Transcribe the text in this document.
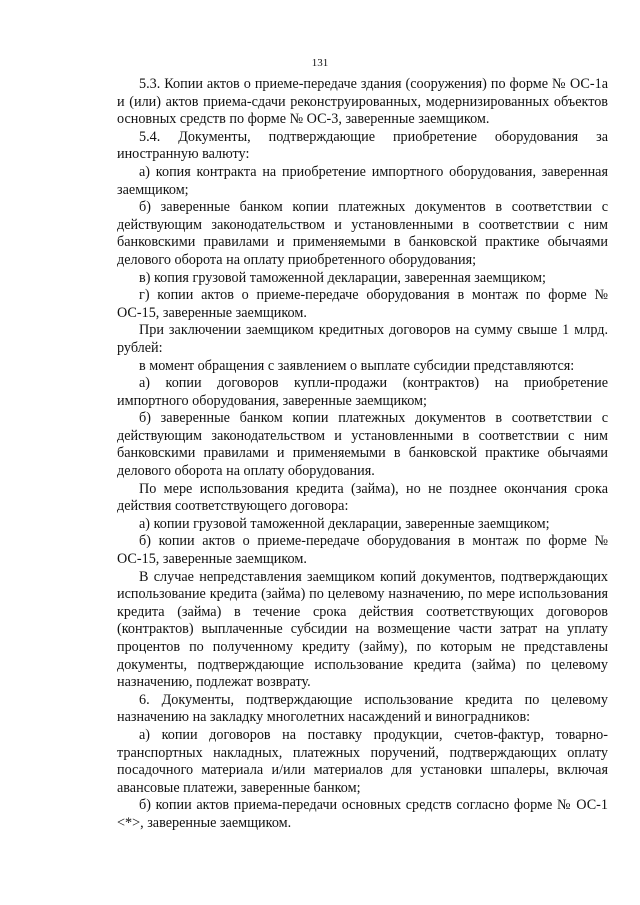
131

5.3. Копии актов о приеме-передаче здания (сооружения) по форме № ОС-1а и (или) актов приема-сдачи реконструированных, модернизированных объектов основных средств по форме № ОС-3, заверенные заемщиком.

5.4. Документы, подтверждающие приобретение оборудования за иностранную валюту:

а) копия контракта на приобретение импортного оборудования, заверенная заемщиком;

б) заверенные банком копии платежных документов в соответствии с действующим законодательством и установленными в соответствии с ним банковскими правилами и применяемыми в банковской практике обычаями делового оборота на оплату приобретенного оборудования;

в) копия грузовой таможенной декларации, заверенная заемщиком;

г) копии актов о приеме-передаче оборудования в монтаж по форме № ОС-15, заверенные заемщиком.

При заключении заемщиком кредитных договоров на сумму свыше 1 млрд. рублей:

в момент обращения с заявлением о выплате субсидии представляются:

а) копии договоров купли-продажи (контрактов) на приобретение импортного оборудования, заверенные заемщиком;

б) заверенные банком копии платежных документов в соответствии с действующим законодательством и установленными в соответствии с ним банковскими правилами и применяемыми в банковской практике обычаями делового оборота на оплату оборудования.

По мере использования кредита (займа), но не позднее окончания срока действия соответствующего договора:

а) копии грузовой таможенной декларации, заверенные заемщиком;

б) копии актов о приеме-передаче оборудования в монтаж по форме № ОС-15, заверенные заемщиком.

В случае непредставления заемщиком копий документов, подтверждающих использование кредита (займа) по целевому назначению, по мере использования кредита (займа) в течение срока действия соответствующих договоров (контрактов) выплаченные субсидии на возмещение части затрат на уплату процентов по полученному кредиту (займу), по которым не представлены документы, подтверждающие использование кредита (займа) по целевому назначению, подлежат возврату.

6. Документы, подтверждающие использование кредита по целевому назначению на закладку многолетних насаждений и виноградников:

а) копии договоров на поставку продукции, счетов-фактур, товарно-транспортных накладных, платежных поручений, подтверждающих оплату посадочного материала и/или материалов для установки шпалеры, включая авансовые платежи, заверенные банком;

б) копии актов приема-передачи основных средств согласно форме № ОС-1 <*>, заверенные заемщиком.
